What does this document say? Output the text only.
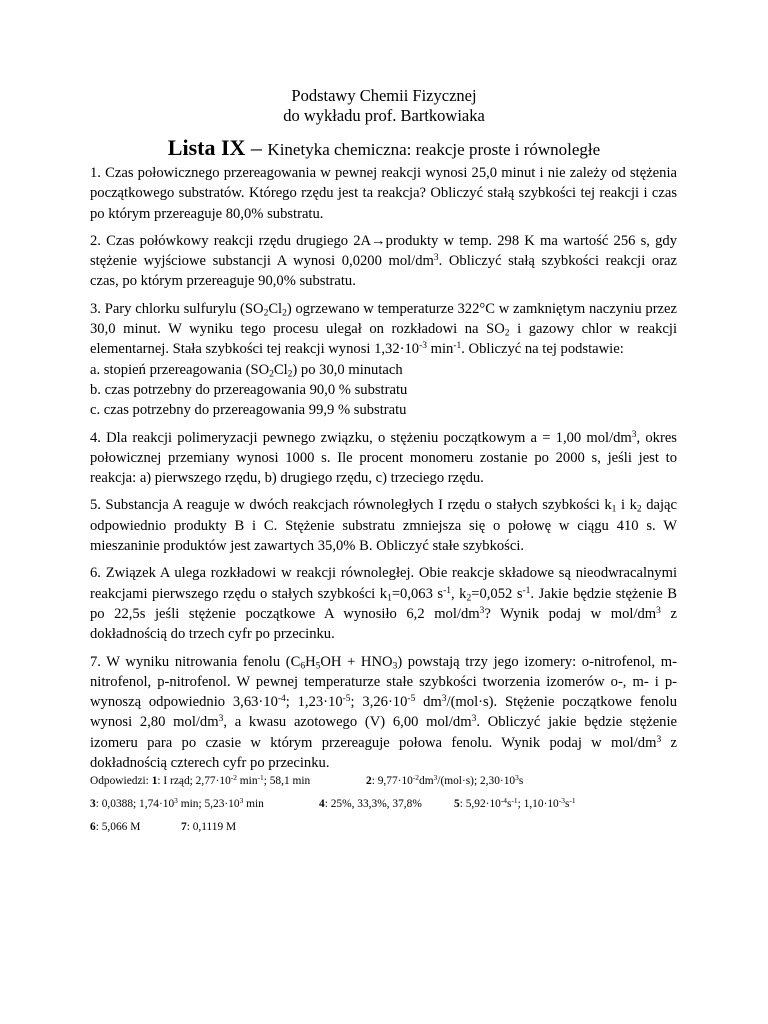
Podstawy Chemii Fizycznej
do wykładu prof. Bartkowiaka
Lista IX – Kinetyka chemiczna: reakcje proste i równoległe

1. Czas połowicznego przereagowania w pewnej reakcji wynosi 25,0 minut i nie zależy od stężenia początkowego substratów. Którego rzędu jest ta reakcja? Obliczyć stałą szybkości tej reakcji i czas po którym przereaguje 80,0% substratu.

2. Czas połówkowy reakcji rzędu drugiego 2A→produkty w temp. 298 K ma wartość 256 s, gdy stężenie wyjściowe substancji A wynosi 0,0200 mol/$dm^3$. Obliczyć stałą szybkości reakcji oraz czas, po którym przereaguje 90,0% substratu.

3. Pary chlorku sulfurylu $(SO_2Cl_2)$ ogrzewano w temperaturze 322°C w zamkniętym naczyniu przez 30,0 minut. W wyniku tego procesu ulegał on rozkładowi na $SO_2$ i gazowy chlor w reakcji elementarnej. Stała szybkości tej reakcji wynosi $1,32\cdot 10^{-3}$ $\min^{-1}$. Obliczyć na tej podstawie:

a. stopień przereagowania $(SO_2Cl_2)$ po 30,0 minutach
b. czas potrzebny do przereagowania 90,0 % substratu
c. czas potrzebny do przereagowania 99,9 % substratu

4. Dla reakcji polimeryzacji pewnego związku, o stężeniu początkowym a = 1,00 mol/$dm^3$, okres połowicznej przemiany wynosi 1000 s. Ile procent monomeru zostanie po 2000 s, jeśli jest to reakcja: a) pierwszego rzędu, b) drugiego rzędu, c) trzeciego rzędu.

5. Substancja A reaguje w dwóch reakcjach równoległych I rzędu o stałych szybkości $k_1$ i $k_2$ dając odpowiednio produkty B i C. Stężenie substratu zmniejsza się o połowę w ciągu 410 s. W mieszaninie produktów jest zawartych 35,0% B. Obliczyć stałe szybkości.

6. Związek A ulega rozkładowi w reakcji równoległej. Obie reakcje składowe są nieodwracalnymi reakcjami pierwszego rzędu o stałych szybkości $k_1=0,063$ $s^{-1}$, $k_2=0,052$ $s^{-1}$. Jakie będzie stężenie B po 22,5s jeśli stężenie początkowe A wynosiło 6,2 mol/$dm^3$? Wynik podaj w mol/$dm^3$ z dokładnością do trzech cyfr po przecinku.

7. W wyniku nitrowania fenolu $(C_6H_5OH + HNO_3)$ powstają trzy jego izomery: o-nitrofenol, m-nitrofenol, p-nitrofenol. W pewnej temperaturze stałe szybkości tworzenia izomerów o-, m- i p- wynoszą odpowiednio $3,63\cdot 10^{-4}$; $1,23\cdot 10^{-5}$; $3,26\cdot 10^{-5}$ $dm^3/(mol\cdot s)$. Stężenie początkowe fenolu wynosi 2,80 mol/$dm^3$, a kwasu azotowego (V) 6,00 mol/$dm^3$. Obliczyć jakie będzie stężenie izomeru para po czasie w którym przereaguje połowa fenolu. Wynik podaj w mol/$dm^3$ z dokładnością czterech cyfr po przecinku.

Odpowiedzi: 1: I rząd; $2,77\cdot 10^{-2}$ $\min^{-1}$; 58,1 min	2: $9,77\cdot 10^{-2}dm^3/(mol\cdot s)$; $2,30\cdot 10^3s$
3: 0,0388; $1,74\cdot 10^3$ min; $5,23\cdot 10^3$ min	4: 25%, 33,3%, 37,8%	5: $5,92\cdot 10^{-4}s^{-1}$; $1,10\cdot 10^{-3}s^{-1}$
6: 5,066 M	7: 0,1119 M
